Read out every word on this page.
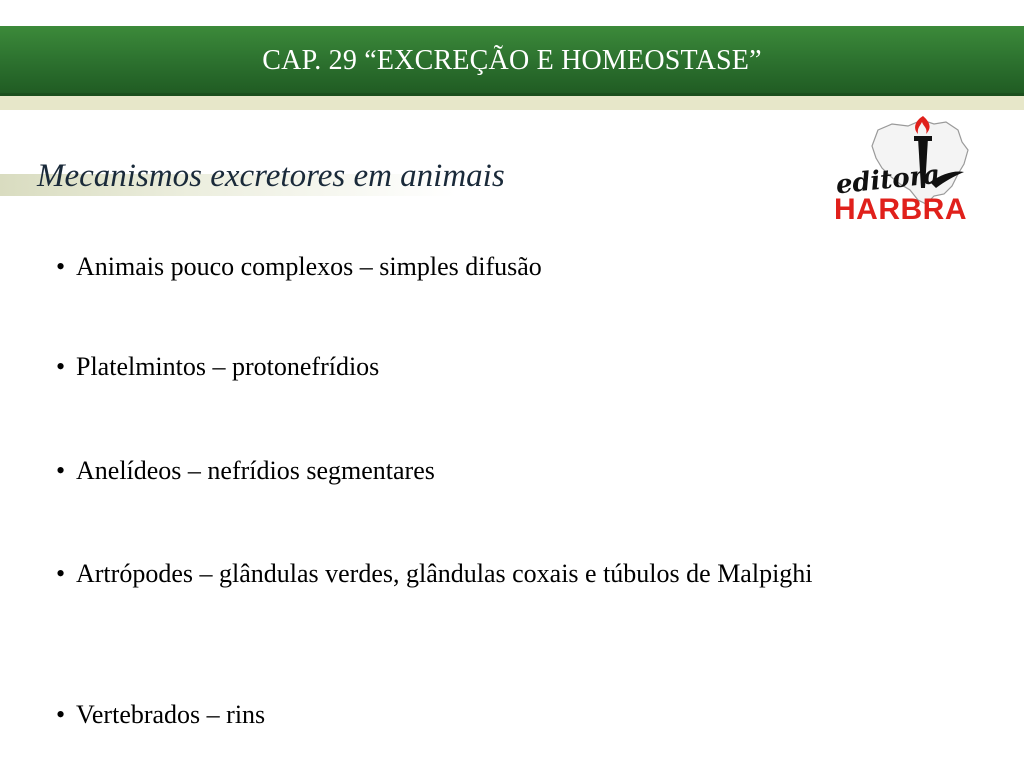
CAP. 29 “EXCREÇÃO E HOMEOSTASE”
Mecanismos excretores em animais	editora
HARBRA
• Animais pouco complexos – simples difusão
• Platelmintos – protonefrídios
• Anelídeos – nefrídios segmentares
• Artrópodes – glândulas verdes, glândulas coxais e túbulos de Malpighi
• Vertebrados – rins
